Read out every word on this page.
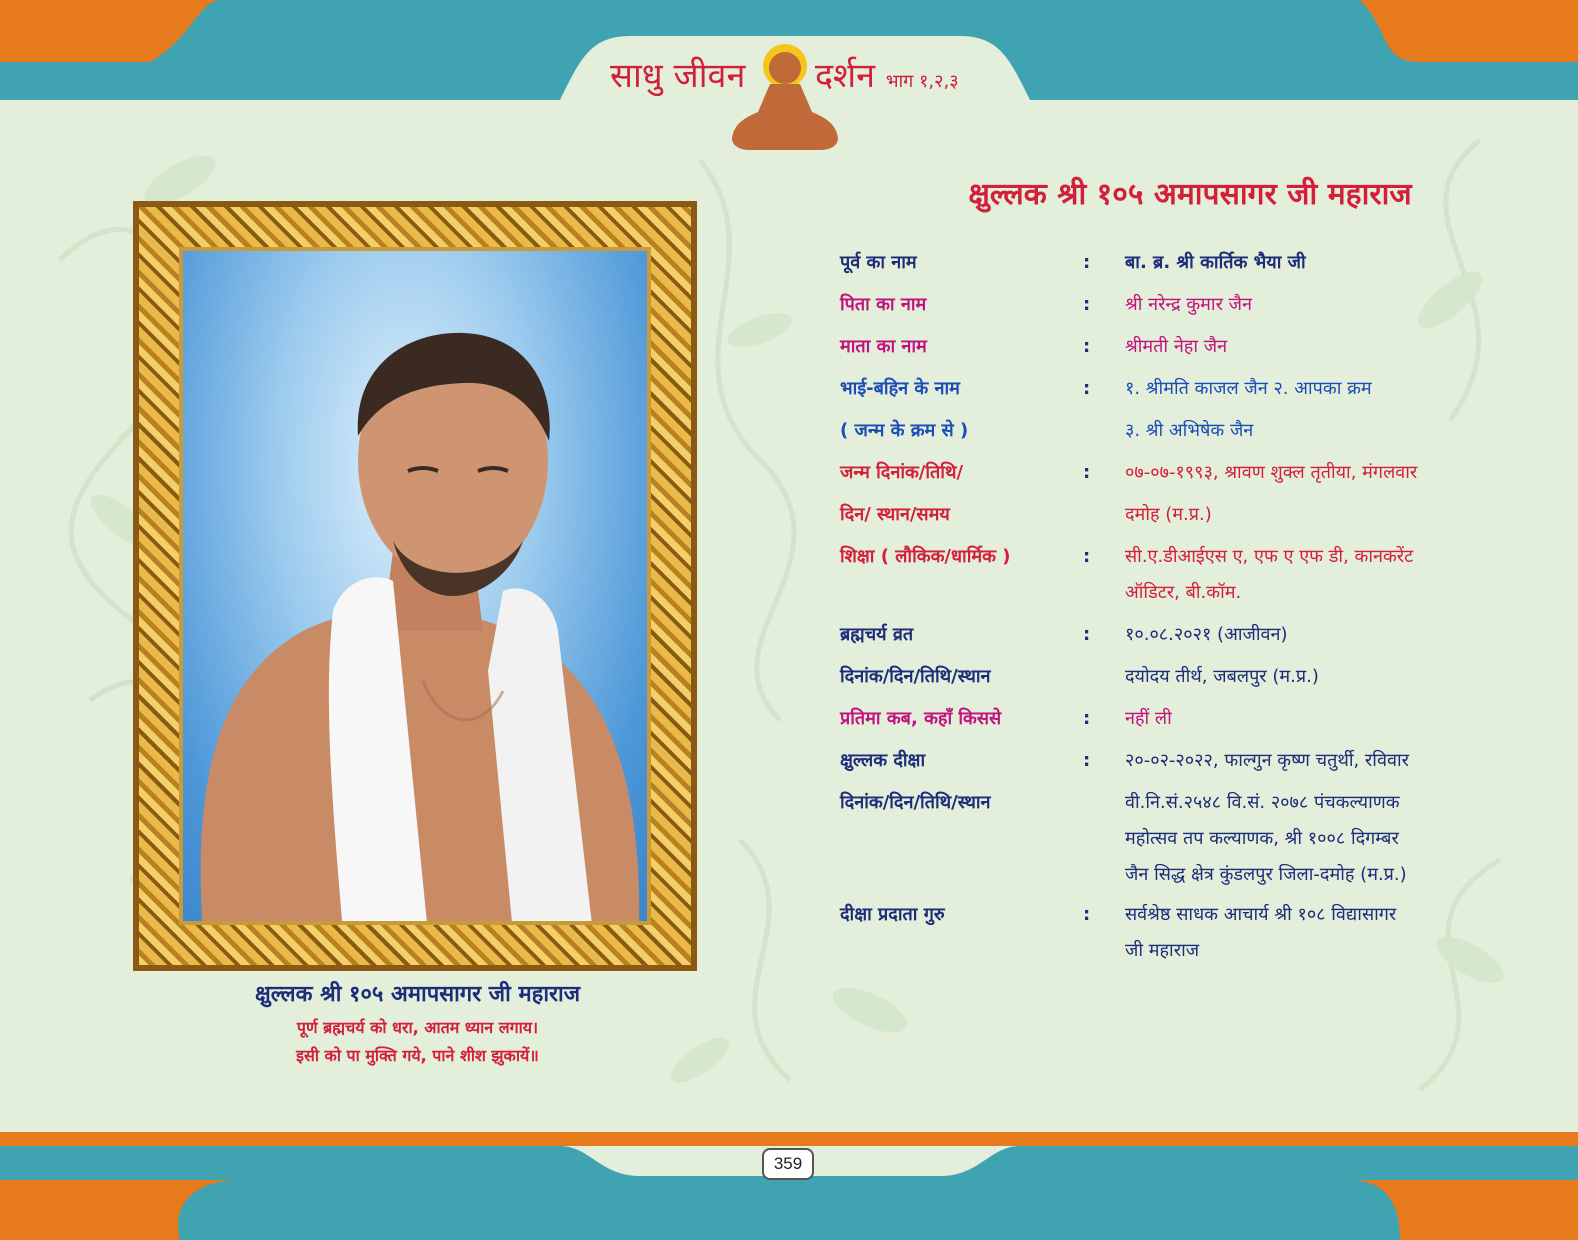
साधु जीवन दर्शन भाग १,२,३
क्षुल्लक श्री १०५ अमापसागर जी महाराज
क्षुल्लक श्री १०५ अमापसागर जी महाराज
पूर्ण ब्रह्मचर्य को धरा, आतम ध्यान लगाय।
इसी को पा मुक्ति गये, पाने शीश झुकायें॥
पूर्व का नाम	: बा. ब्र. श्री कार्तिक भैया जी
पिता का नाम	: श्री नरेन्द्र कुमार जैन
माता का नाम	: श्रीमती नेहा जैन
भाई-बहिन के नाम	: १. श्रीमति काजल जैन २. आपका क्रम
( जन्म के क्रम से )	३. श्री अभिषेक जैन
जन्म दिनांक/तिथि/	: ०७-०७-१९९३, श्रावण शुक्ल तृतीया, मंगलवार
दिन/ स्थान/समय	दमोह (म.प्र.)
शिक्षा ( लौकिक/धार्मिक )	: सी.ए.डीआईएस ए, एफ ए एफ डी, कानकरेंट
ऑडिटर, बी.कॉम.
ब्रह्मचर्य व्रत	: १०.०८.२०२१ (आजीवन)
दिनांक/दिन/तिथि/स्थान	दयोदय तीर्थ, जबलपुर (म.प्र.)
प्रतिमा कब, कहाँ किससे	: नहीं ली
क्षुल्लक दीक्षा	: २०-०२-२०२२, फाल्गुन कृष्ण चतुर्थी, रविवार
दिनांक/दिन/तिथि/स्थान	वी.नि.सं.२५४८ वि.सं. २०७८ पंचकल्याणक
महोत्सव तप कल्याणक, श्री १००८ दिगम्बर
जैन सिद्ध क्षेत्र कुंडलपुर जिला-दमोह (म.प्र.)
दीक्षा प्रदाता गुरु	: सर्वश्रेष्ठ साधक आचार्य श्री १०८ विद्यासागर
जी महाराज
359
